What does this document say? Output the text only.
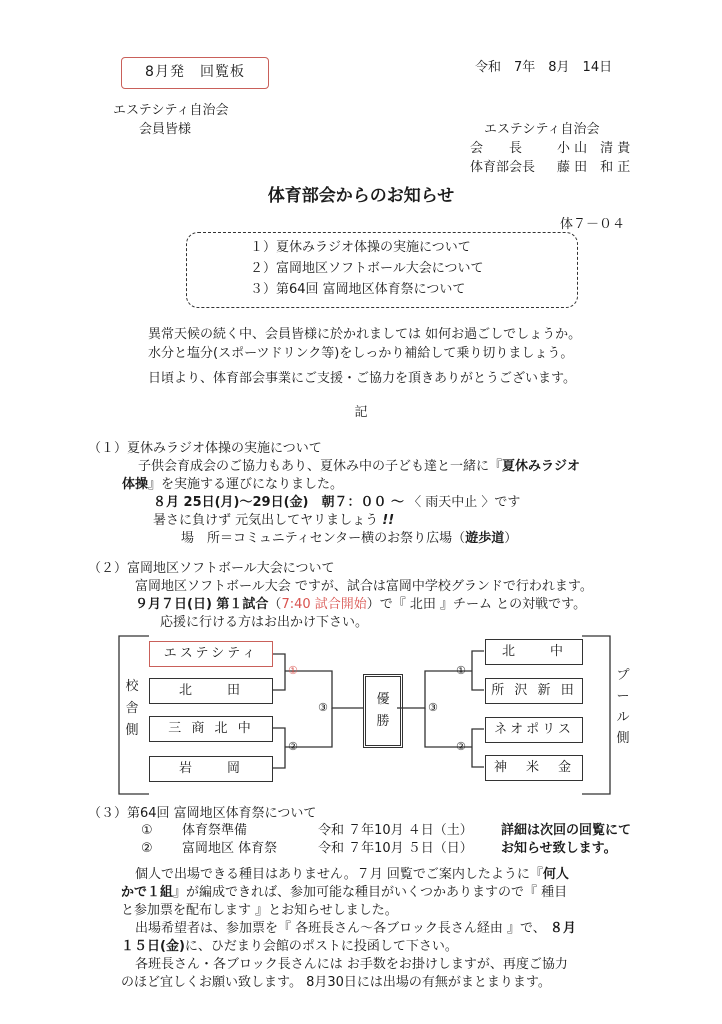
8月発　回覧板	令和　7年　8月　14日
エステシティ自治会
会員皆様	エステシティ自治会
会　　長	小 山　清 貴
体育部会長 藤 田　和 正
体育部会からのお知らせ
体７－０４
１）夏休みラジオ体操の実施について
２）富岡地区ソフトボール大会について
３）第64回 富岡地区体育祭について
異常天候の続く中、会員皆様に於かれましては 如何お過ごしでしょうか。
水分と塩分(スポーツドリンク等)をしっかり補給して乗り切りましょう。
日頃より、体育部会事業にご支援・ご協力を頂きありがとうございます。
記
（１）夏休みラジオ体操の実施について
子供会育成会のご協力もあり、夏休み中の子ども達と一緒に『夏休みラジオ
体操』を実施する運びになりました。
８月 25日(月)～29日(金)　朝７：００ ～ 〈 雨天中止 〉です
暑さに負けず 元気出してヤリましょう !!
場　所＝コミュニティセンター横のお祭り広場（遊歩道）
（２）富岡地区ソフトボール大会について
富岡地区ソフトボール大会 ですが、試合は富岡中学校グランドで行われます。
９月７日(日) 第１試合（7:40 試合開始）で『 北田 』チーム との対戦です。
応援に行ける方はお出かけ下さい。
校舎側
プール側
エステシティ
北　　田
三 商 北 中
岩　　岡
北　　中
所 沢 新 田
ネオポリス
神　米　金
①
②
③
①
②
③
優勝
（３）第64回 富岡地区体育祭について
① 体育祭準備	令和 ７年10月 ４日（土） 詳細は次回の回覧にて
② 富岡地区 体育祭	令和 ７年10月 ５日（日） お知らせ致します。
個人で出場できる種目はありません。７月 回覧でご案内したように『何人
かで１組』が編成できれば、参加可能な種目がいくつかありますので『 種目
と参加票を配布します 』とお知らせしました。
出場希望者は、参加票を『 各班長さん～各ブロック長さん経由 』で、 ８月
１５日(金)に、ひだまり会館のポストに投函して下さい。
各班長さん・各ブロック長さんには お手数をお掛けしますが、再度ご協力
のほど宜しくお願い致します。 8月30日には出場の有無がまとまります。
